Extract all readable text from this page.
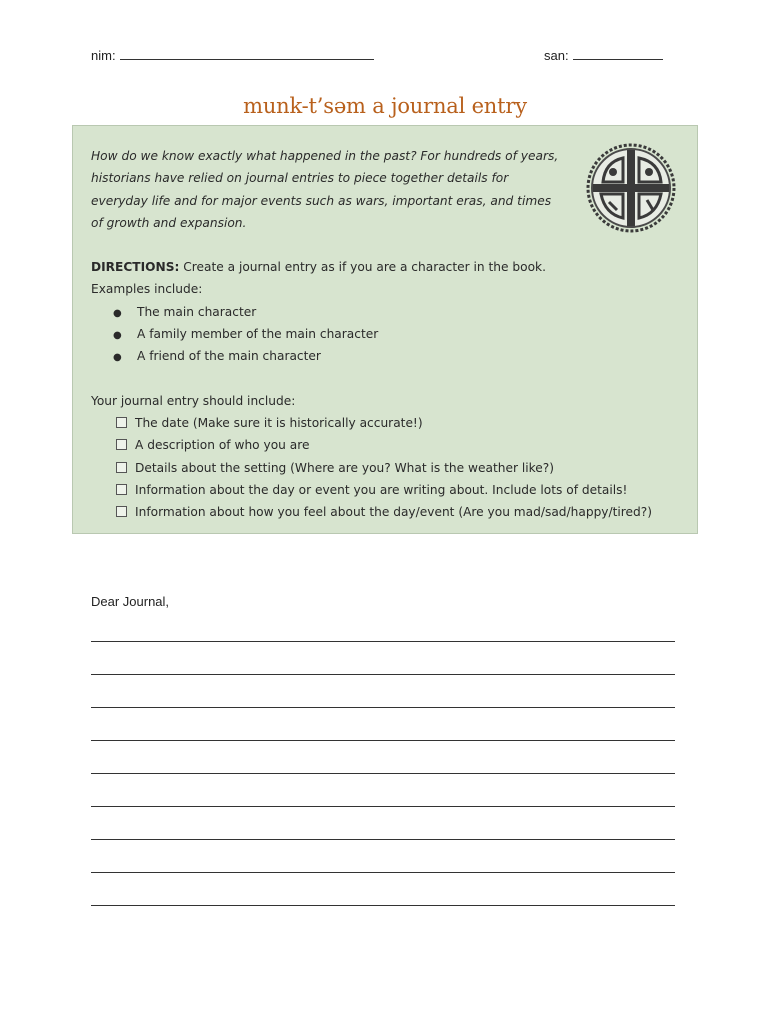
nim:	san:
munk-t’səm a journal entry

How do we know exactly what happened in the past? For hundreds of years, historians have relied on journal entries to piece together details for everyday life and for major events such as wars, important eras, and times of growth and expansion.

DIRECTIONS: Create a journal entry as if you are a character in the book.
Examples include:
● The main character
● A family member of the main character
● A friend of the main character
Your journal entry should include:
The date (Make sure it is historically accurate!)
A description of who you are
Details about the setting (Where are you? What is the weather like?)
Information about the day or event you are writing about. Include lots of details!
Information about how you feel about the day/event (Are you mad/sad/happy/tired?)
Dear Journal,
